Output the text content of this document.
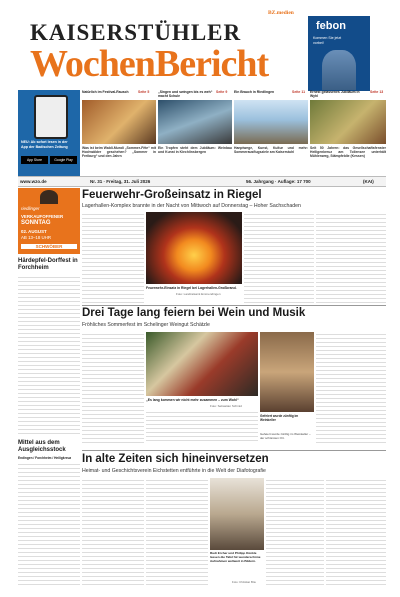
BZ.medien
KAISERSTÜHLER
WochenBericht
febon
Kommen Sie jetzt
vorbei!
NEU: Ab sofort lesen in der
App der Badischen Zeitung
App Store	Google Play
Natürlich im Festival-Rausch	Seite 5
Was ist beim Waldi-Mundi „Sommer-Fête“ mit Hochwälder geschehen? „Sommer in Freiburg“ und den Jahrn
„Singen und swingen bis es weh“ macht Schule
Seite 9
Ein Tropfen steht dem Jubiläum: Weinbau und Kunst in Kiechlinsbergen
Ein Brauch in Riedlingen	Seite 11
Hanptwege, Kunst, Kultur und mehr: Sommerausflugsziele am Kaiserstuhl
Ernest gelassenes Jubiläum in Wyhl
Seite 13
Seit 50 Jahren: das Gesellschaftsfenster Heiligenkreuz am Tollensee unterhält Mühlenweg, Stämpfeldie (Kessen)
www.wzo.de	Nr. 31 · Freitag, 31. Juli 2026	56. Jahrgang · Auflage: 17 700	(KAI)
riedlinger
VERKAUFOFFENER
SONNTAG
02. AUGUST
AB 13–18 UHR
SCHWÖBER
Härdepfel-Dorffest in Forchheim
Mittel aus dem Ausgleichsstock
Endingen / Forchheim / Heiligkreuz
Feuerwehr-Großeinsatz in Riegel
Lagerhallen-Komplex brannte in der Nacht von Mittwoch auf Donnerstag – Hoher Sachschaden
Feuerwehr-Einsatz in Riegel bei Lagerhallen-Großbrand.
Foto: Landratsamt Emmendingen
Drei Tage lang feiern bei Wein und Musik
Fröhliches Sommerfest im Schelinger Weingut Schätzle
„Es lang kommen wir nicht mehr zusammen – zum Wohl“
Foto: Sebastian Schmid
Gefeiert wurde zünftig im Weinkeller
Gefeiert wurde zünftig im Weinkeller – der schönsten Ort.
In alte Zeiten sich hineinversetzen
Heimat- und Geschichtsverein Eichstetten entführte in die Welt der Diafotografie
Rudi Ercher und Philipp Künkle lassen die Tafel für wunderschöne Aufnahmen weltweit in Bildern.
Foto: Christian Brie
